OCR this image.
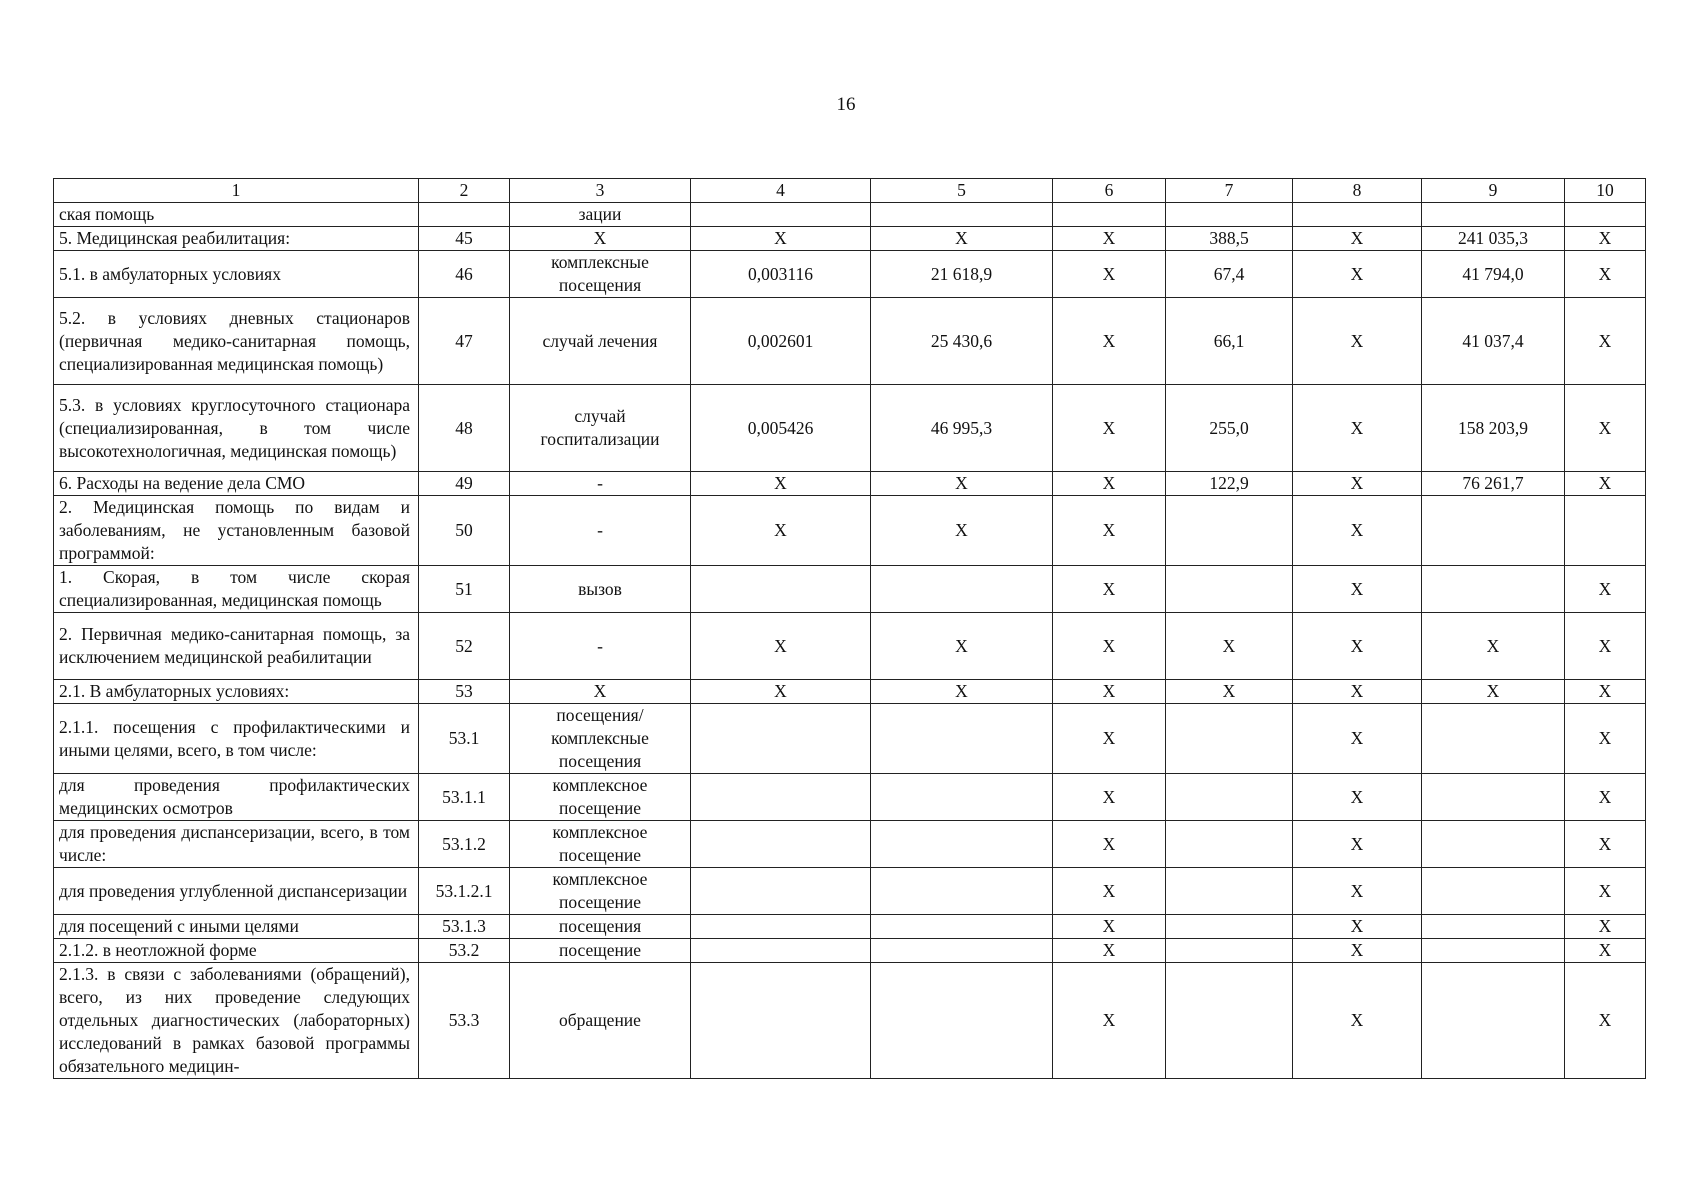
16
1	2	3	4	5	6	7	8	9	10
ская помощь		зации							
5. Медицинская реабилитация:	45	X	X	X	X	388,5	X	241 035,3	X
5.1. в амбулаторных условиях	46	комплексные посещения	0,003116	21 618,9	X	67,4	X	41 794,0	X
5.2. в условиях дневных стационаров (первичная медико-санитарная помощь, специализированная медицинская помощь)	47	случай лечения	0,002601	25 430,6	X	66,1	X	41 037,4	X
5.3. в условиях круглосуточного стационара (специализированная, в том числе высокотехнологичная, медицинская помощь)	48	случай госпитализации	0,005426	46 995,3	X	255,0	X	158 203,9	X
6. Расходы на ведение дела СМО	49	-	X	X	X	122,9	X	76 261,7	X
2. Медицинская помощь по видам и заболеваниям, не установленным базовой программой:	50	-	X	X	X		X		
1. Скорая, в том числе скорая специализированная, медицинская помощь	51	вызов			X		X		X
2. Первичная медико-санитарная помощь, за исключением медицинской реабилитации	52	-	X	X	X	X	X	X	X
2.1. В амбулаторных условиях:	53	X	X	X	X	X	X	X	X
2.1.1. посещения с профилактическими и иными целями, всего, в том числе:	53.1	посещения/комплексные посещения			X		X		X
для проведения профилактических медицинских осмотров	53.1.1	комплексное посещение			X		X		X
для проведения диспансеризации, всего, в том числе:	53.1.2	комплексное посещение			X		X		X
для проведения углубленной диспансеризации	53.1.2.1	комплексное посещение			X		X		X
для посещений с иными целями	53.1.3	посещения			X		X		X
2.1.2. в неотложной форме	53.2	посещение			X		X		X
2.1.3. в связи с заболеваниями (обращений), всего, из них проведение следующих отдельных диагностических (лабораторных) исследований в рамках базовой программы обязательного медицин-	53.3	обращение			X		X		X
